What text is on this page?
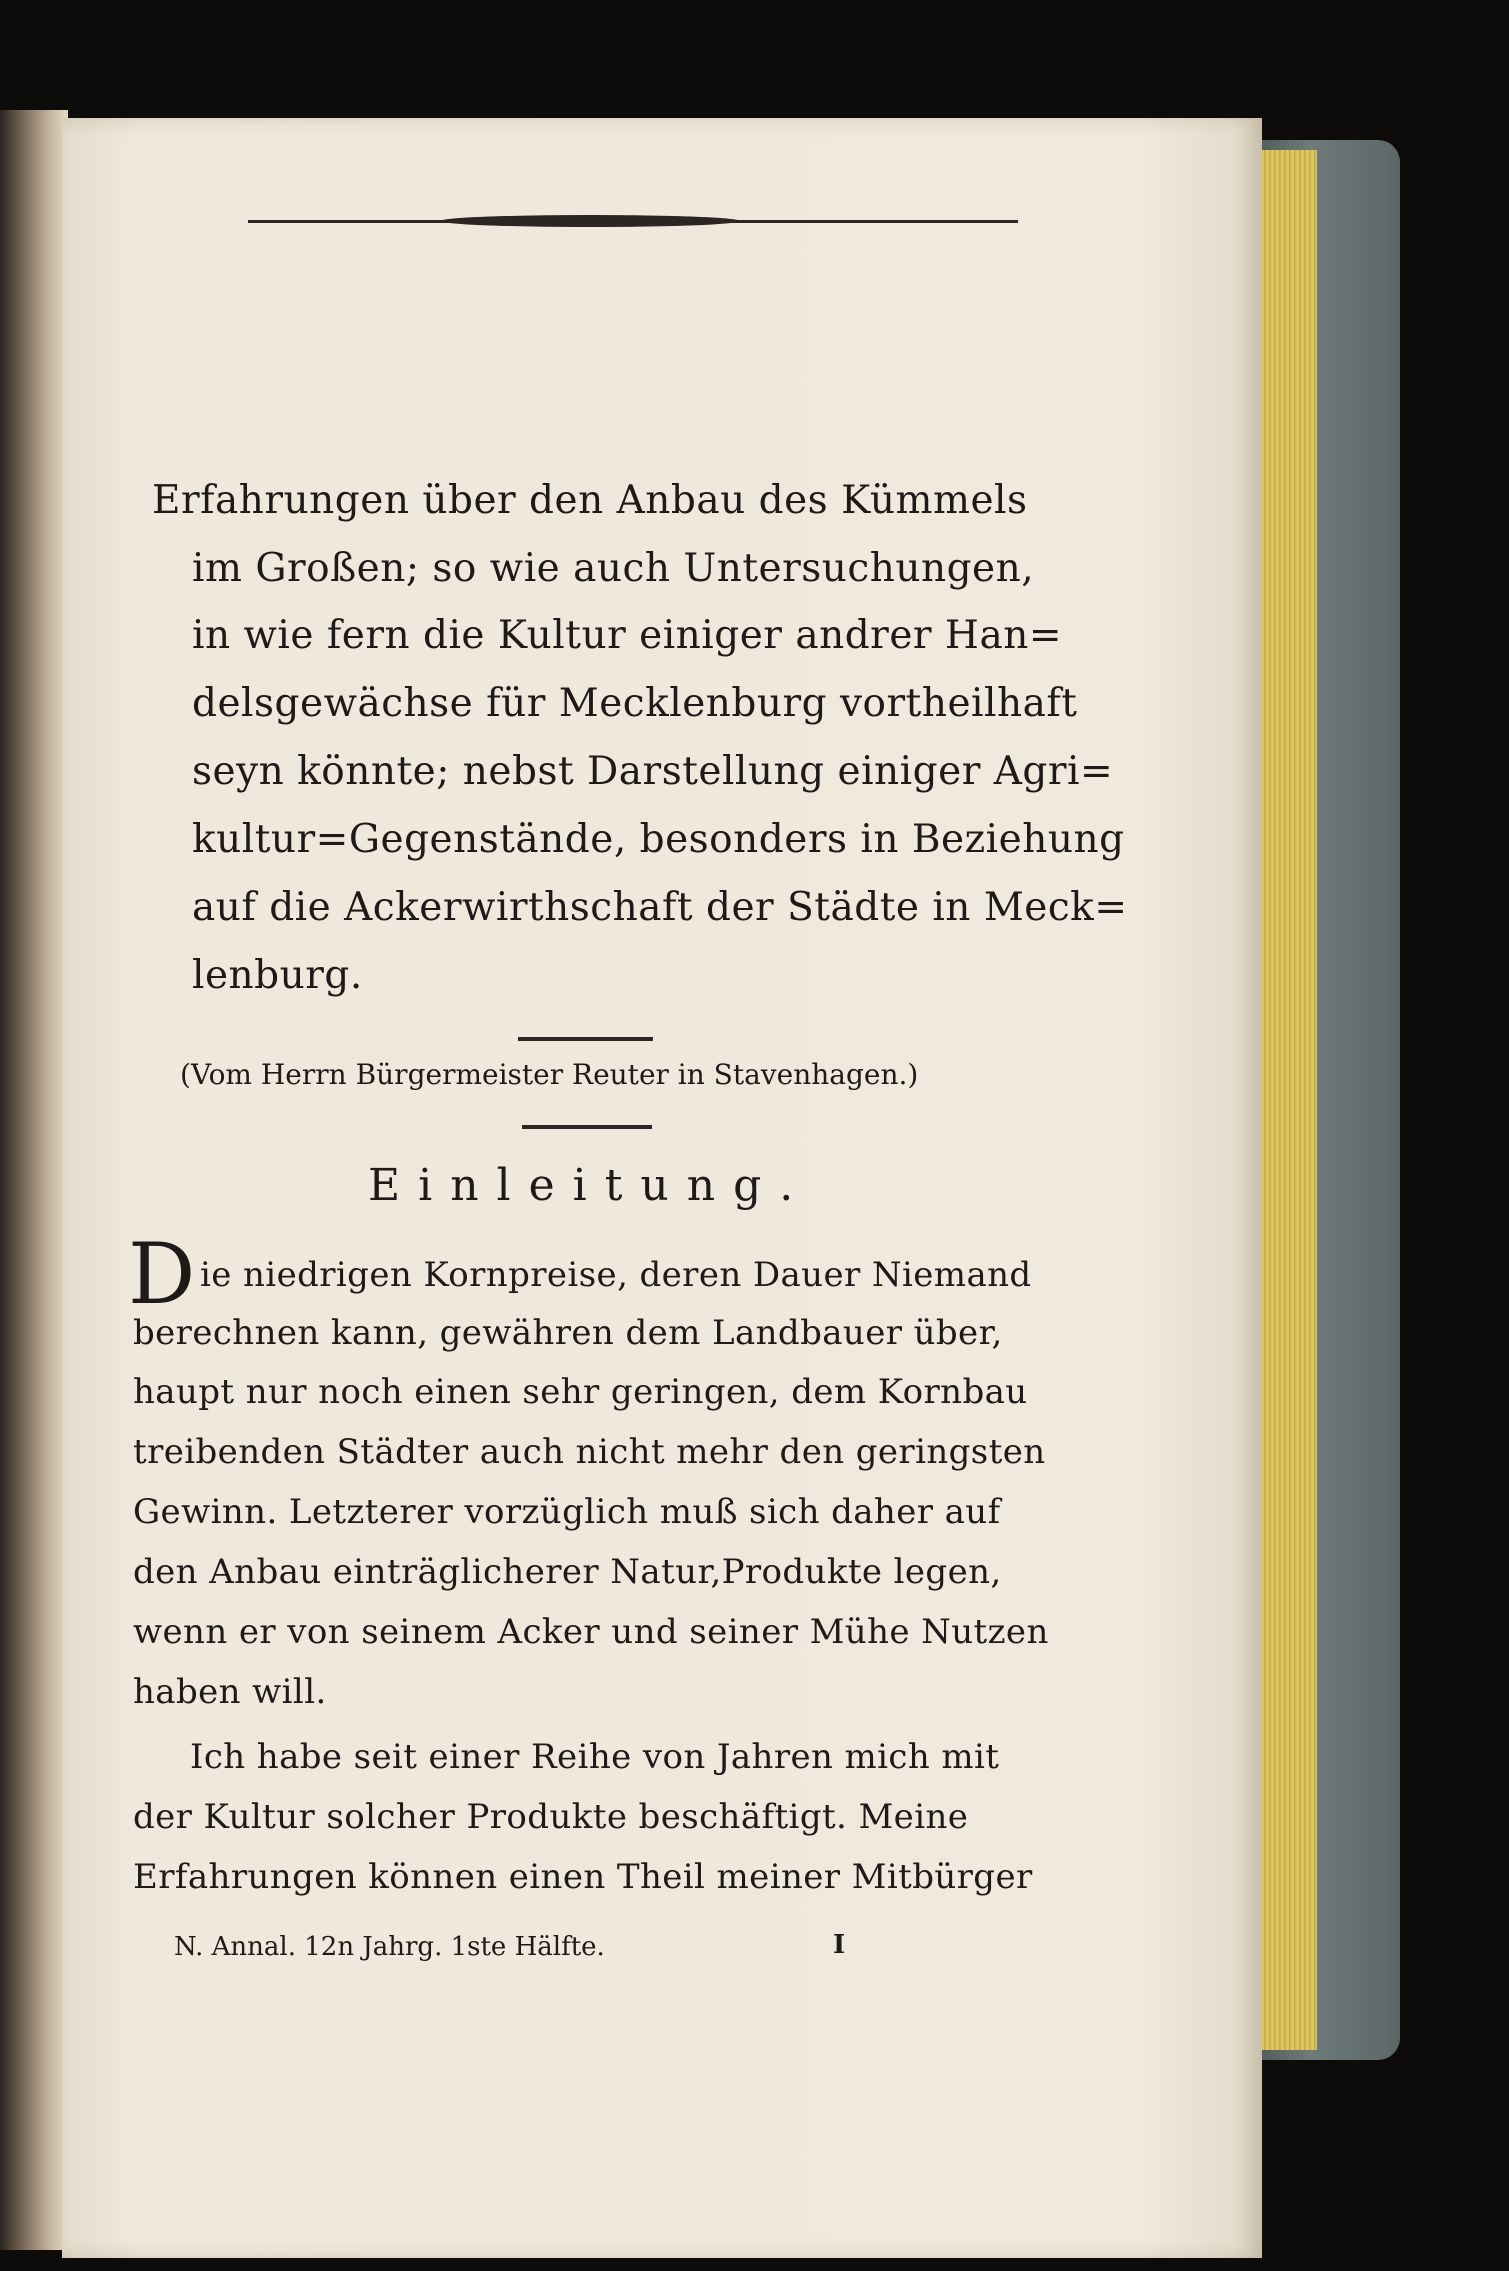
Erfahrungen über den Anbau des Kümmels
im Großen; so wie auch Untersuchungen,
in wie fern die Kultur einiger andrer Han=
delsgewächse für Mecklenburg vortheilhaft
seyn könnte; nebst Darstellung einiger Agri=
kultur=Gegenstände, besonders in Beziehung
auf die Ackerwirthschaft der Städte in Meck=
lenburg.
(Vom Herrn Bürgermeister Reuter in Stavenhagen.)
Einleitung.
D ie niedrigen Kornpreise, deren Dauer Niemand
berechnen kann, gewähren dem Landbauer über,
haupt nur noch einen sehr geringen, dem Kornbau
treibenden Städter auch nicht mehr den geringsten
Gewinn. Letzterer vorzüglich muß sich daher auf
den Anbau einträglicherer Natur,Produkte legen,
wenn er von seinem Acker und seiner Mühe Nutzen
haben will.
Ich habe seit einer Reihe von Jahren mich mit
der Kultur solcher Produkte beschäftigt. Meine
Erfahrungen können einen Theil meiner Mitbürger
N. Annal. 12n Jahrg. 1ste Hälfte.	I
